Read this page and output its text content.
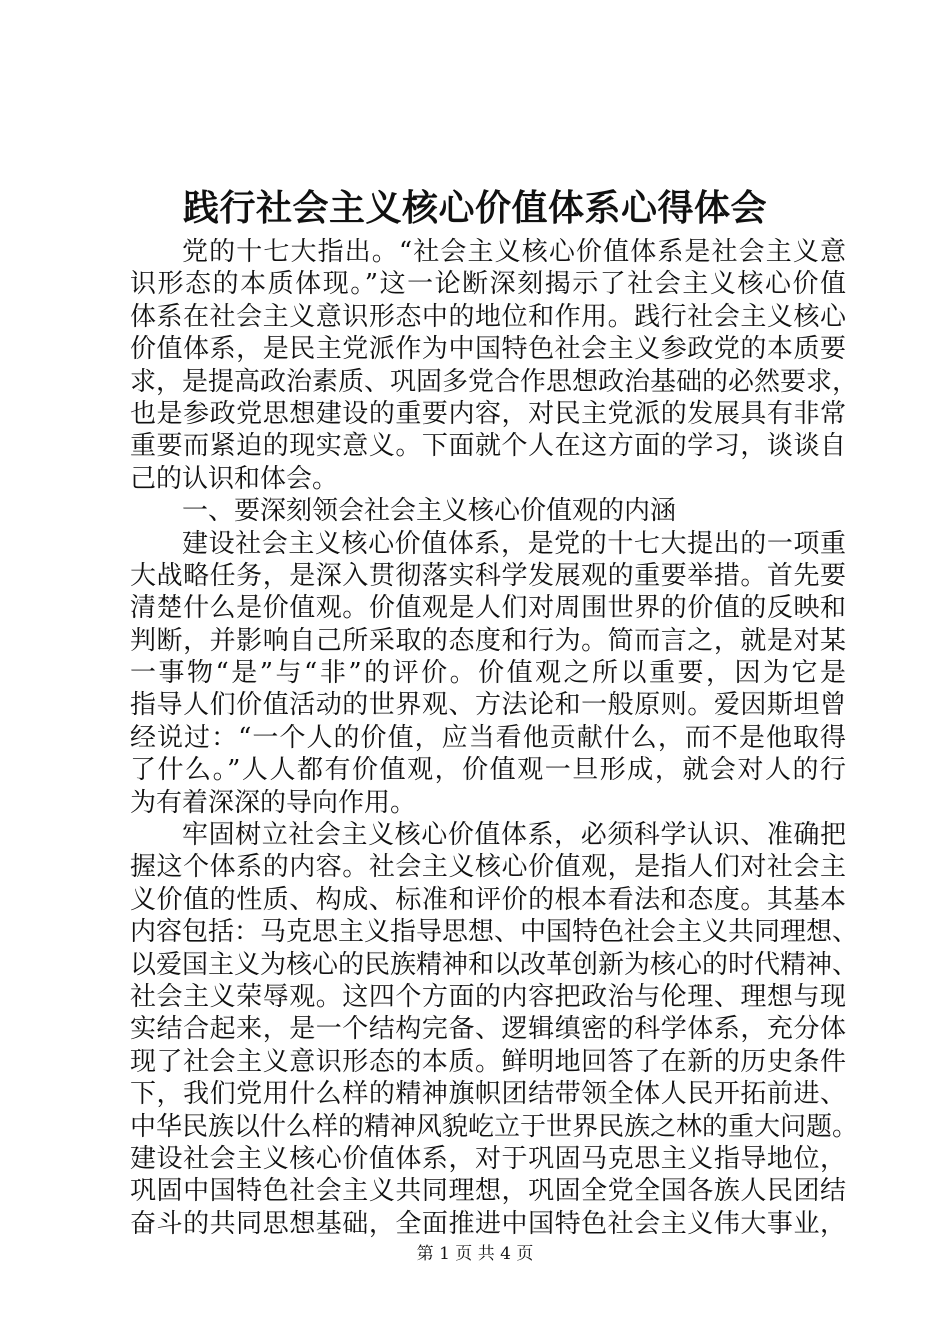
践行社会主义核心价值体系心得体会
党的十七大指出。“社会主义核心价值体系是社会主义意
识形态的本质体现。”这一论断深刻揭示了社会主义核心价值
体系在社会主义意识形态中的地位和作用。践行社会主义核心
价值体系，是民主党派作为中国特色社会主义参政党的本质要
求，是提高政治素质、巩固多党合作思想政治基础的必然要求，
也是参政党思想建设的重要内容，对民主党派的发展具有非常
重要而紧迫的现实意义。下面就个人在这方面的学习，谈谈自
己的认识和体会。
一、要深刻领会社会主义核心价值观的内涵
建设社会主义核心价值体系，是党的十七大提出的一项重
大战略任务，是深入贯彻落实科学发展观的重要举措。首先要
清楚什么是价值观。价值观是人们对周围世界的价值的反映和
判断，并影响自己所采取的态度和行为。简而言之，就是对某
一事物“是”与“非”的评价。价值观之所以重要，因为它是
指导人们价值活动的世界观、方法论和一般原则。爱因斯坦曾
经说过：“一个人的价值，应当看他贡献什么，而不是他取得
了什么。”人人都有价值观，价值观一旦形成，就会对人的行
为有着深深的导向作用。
牢固树立社会主义核心价值体系，必须科学认识、准确把
握这个体系的内容。社会主义核心价值观，是指人们对社会主
义价值的性质、构成、标准和评价的根本看法和态度。其基本
内容包括：马克思主义指导思想、中国特色社会主义共同理想、
以爱国主义为核心的民族精神和以改革创新为核心的时代精神、
社会主义荣辱观。这四个方面的内容把政治与伦理、理想与现
实结合起来，是一个结构完备、逻辑缜密的科学体系，充分体
现了社会主义意识形态的本质。鲜明地回答了在新的历史条件
下，我们党用什么样的精神旗帜团结带领全体人民开拓前进、
中华民族以什么样的精神风貌屹立于世界民族之林的重大问题。
建设社会主义核心价值体系，对于巩固马克思主义指导地位，
巩固中国特色社会主义共同理想，巩固全党全国各族人民团结
奋斗的共同思想基础，全面推进中国特色社会主义伟大事业，
第 1 页 共 4 页
